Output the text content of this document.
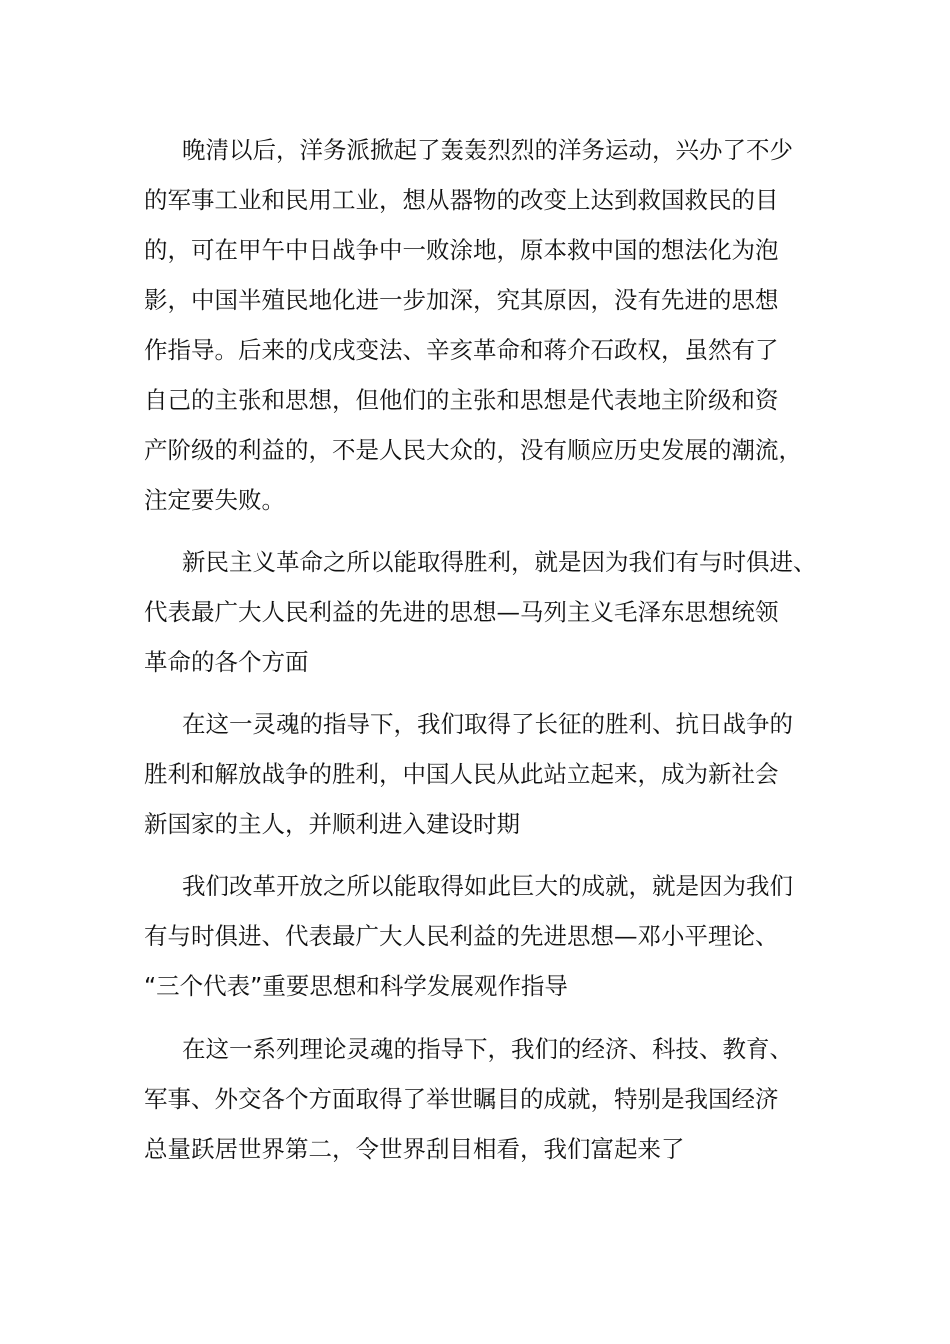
晚清以后，洋务派掀起了轰轰烈烈的洋务运动，兴办了不少
的军事工业和民用工业，想从器物的改变上达到救国救民的目
的，可在甲午中日战争中一败涂地，原本救中国的想法化为泡
影，中国半殖民地化进一步加深，究其原因，没有先进的思想
作指导。后来的戊戌变法、辛亥革命和蒋介石政权，虽然有了
自己的主张和思想，但他们的主张和思想是代表地主阶级和资
产阶级的利益的，不是人民大众的，没有顺应历史发展的潮流，
注定要失败。
新民主义革命之所以能取得胜利，就是因为我们有与时俱进、
代表最广大人民利益的先进的思想—马列主义毛泽东思想统领
革命的各个方面
在这一灵魂的指导下，我们取得了长征的胜利、抗日战争的
胜利和解放战争的胜利，中国人民从此站立起来，成为新社会
新国家的主人，并顺利进入建设时期
我们改革开放之所以能取得如此巨大的成就，就是因为我们
有与时俱进、代表最广大人民利益的先进思想—邓小平理论、
“三个代表”重要思想和科学发展观作指导
在这一系列理论灵魂的指导下，我们的经济、科技、教育、
军事、外交各个方面取得了举世瞩目的成就，特别是我国经济
总量跃居世界第二，令世界刮目相看，我们富起来了
